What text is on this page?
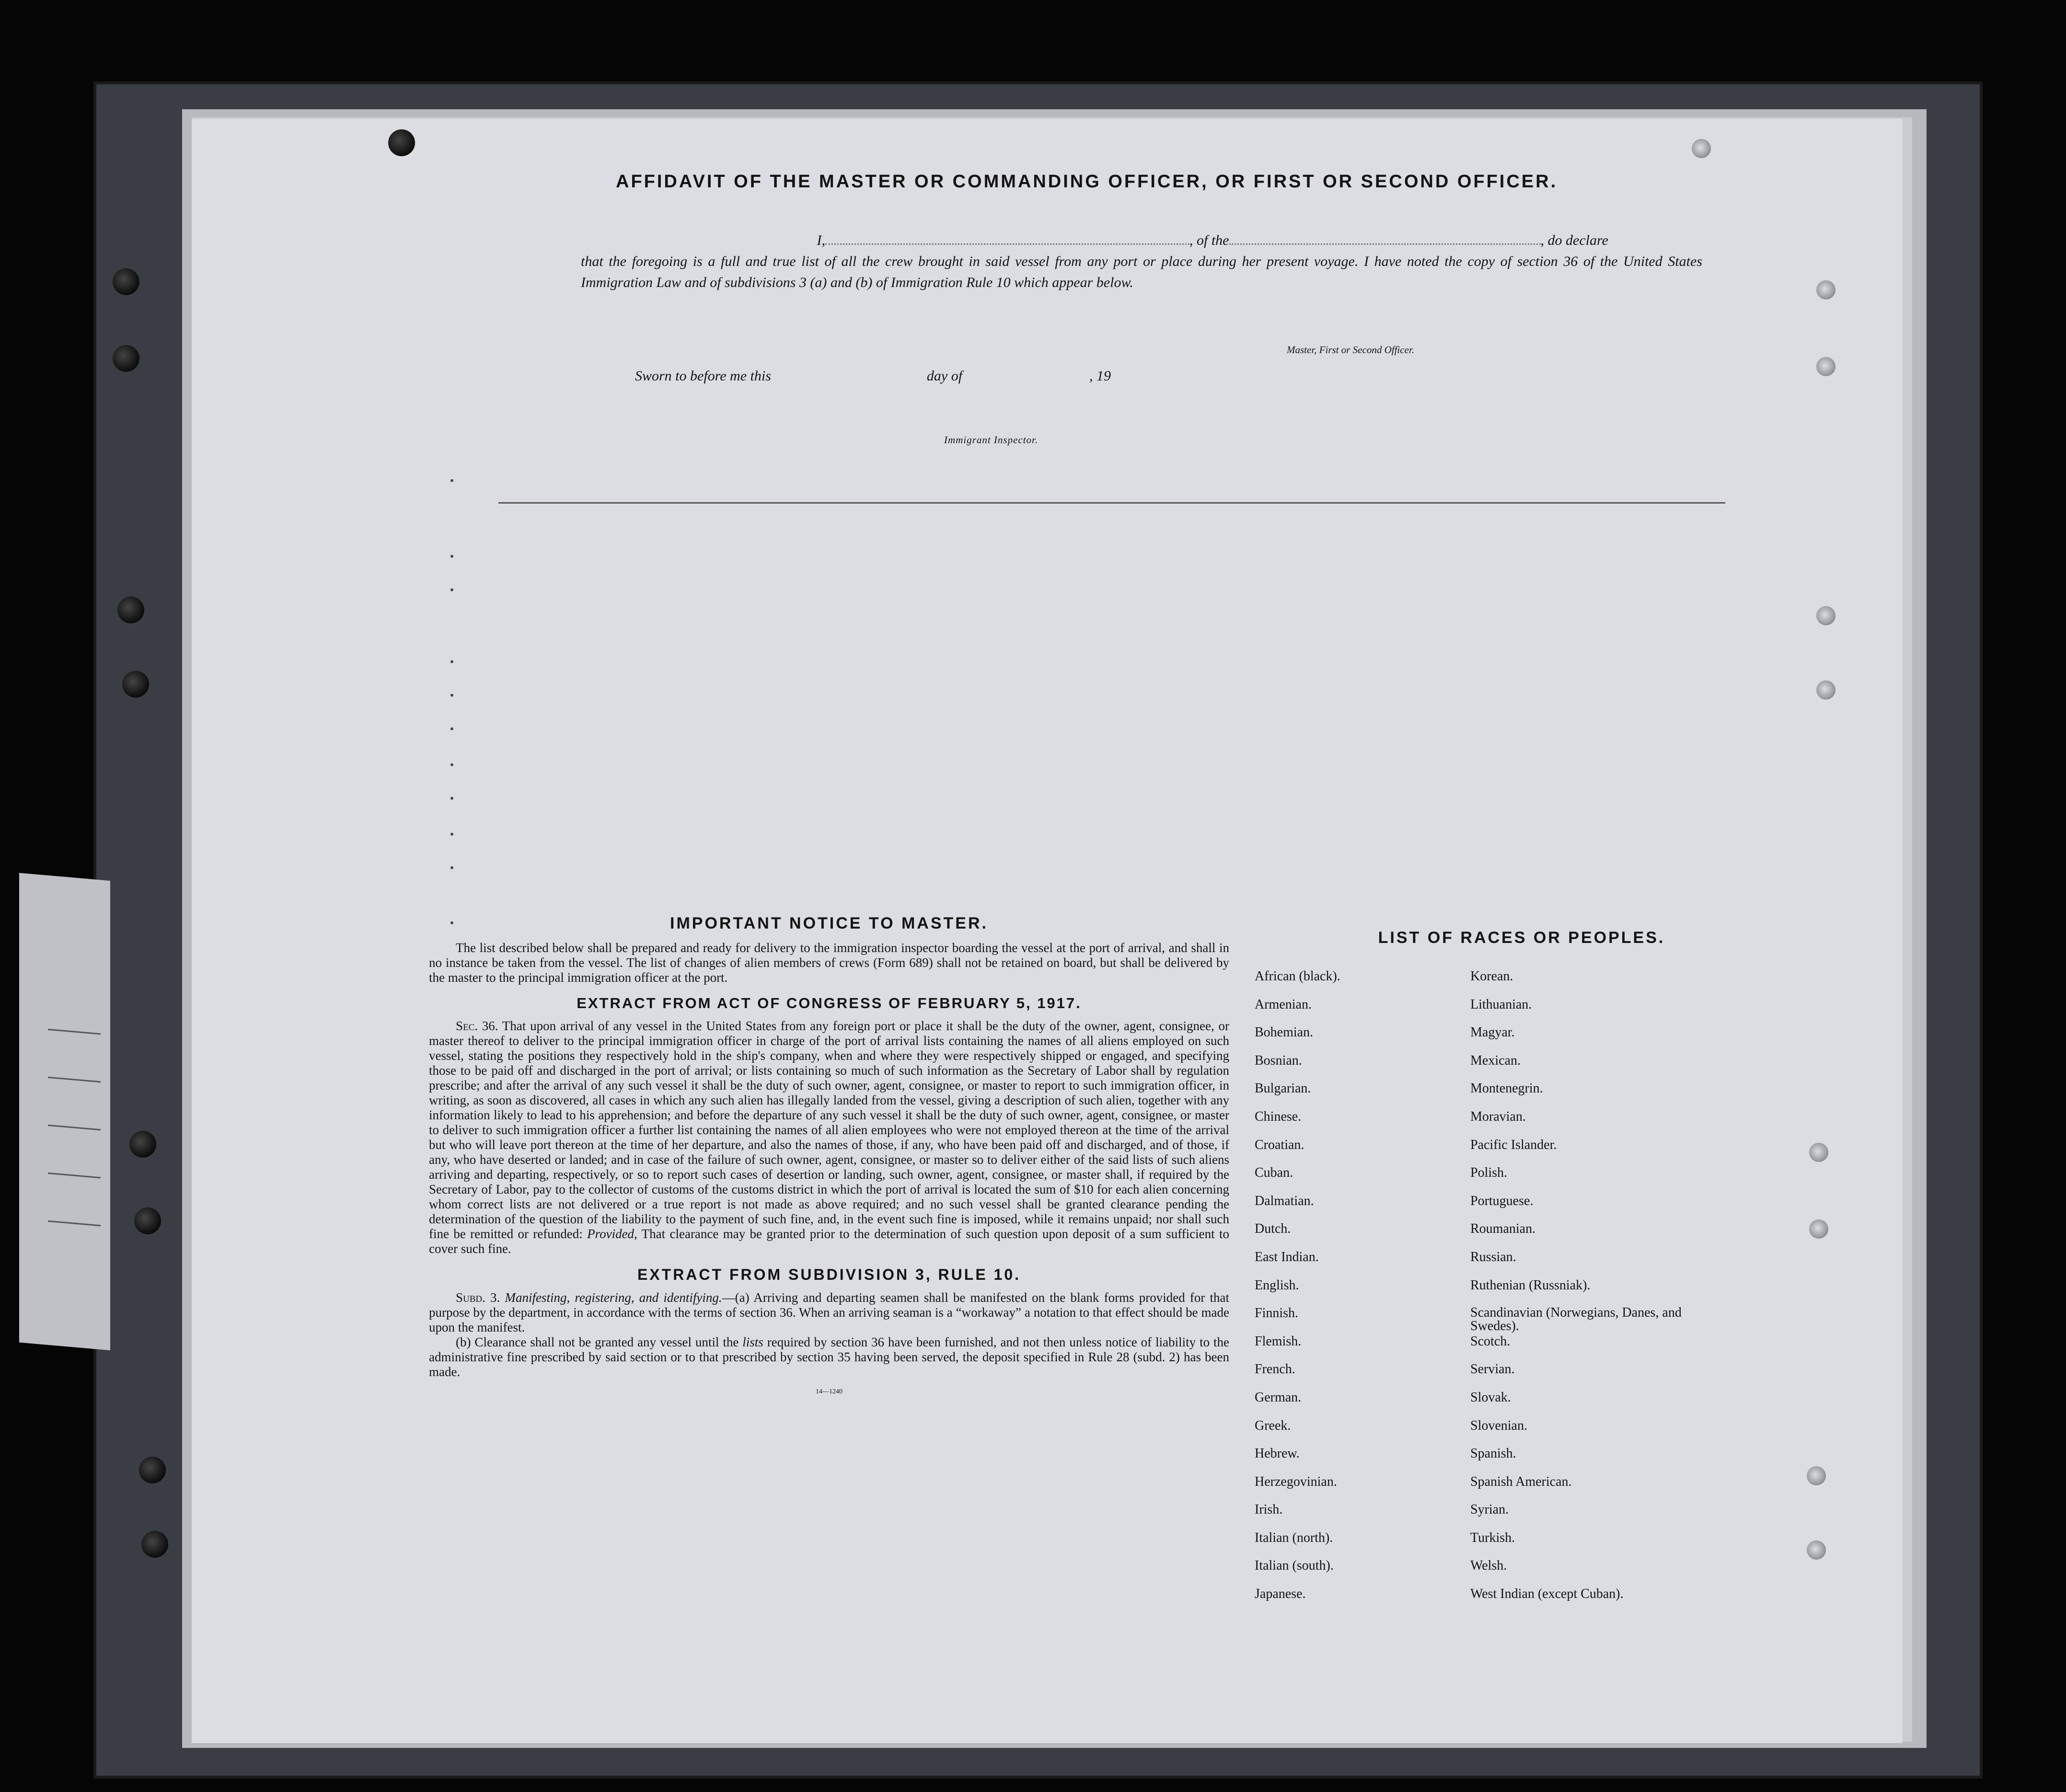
AFFIDAVIT OF THE MASTER OR COMMANDING OFFICER, OR FIRST OR SECOND OFFICER.
I,	, of the	, do declare
that the foregoing is a full and true list of all the crew brought in said vessel from any port or place during her present voyage. I have noted the copy of section 36 of the United States Immigration Law and of subdivisions 3 (a) and (b) of Immigration Rule 10 which appear below.
Master, First or Second Officer.
Sworn to before me this	day of	, 19
Immigrant Inspector.
IMPORTANT NOTICE TO MASTER.

The list described below shall be prepared and ready for delivery to the immigration inspector boarding the vessel at the port of arrival, and shall in no instance be taken from the vessel. The list of changes of alien members of crews (Form 689) shall not be retained on board, but shall be delivered by the master to the principal immigration officer at the port.

EXTRACT FROM ACT OF CONGRESS OF FEBRUARY 5, 1917.

Sec. 36. That upon arrival of any vessel in the United States from any foreign port or place it shall be the duty of the owner, agent, consignee, or master thereof to deliver to the principal immigration officer in charge of the port of arrival lists containing the names of all aliens employed on such vessel, stating the positions they respectively hold in the ship's company, when and where they were respectively shipped or engaged, and specifying those to be paid off and discharged in the port of arrival; or lists containing so much of such information as the Secretary of Labor shall by regulation prescribe; and after the arrival of any such vessel it shall be the duty of such owner, agent, consignee, or master to report to such immigration officer, in writing, as soon as discovered, all cases in which any such alien has illegally landed from the vessel, giving a description of such alien, together with any information likely to lead to his apprehension; and before the departure of any such vessel it shall be the duty of such owner, agent, consignee, or master to deliver to such immigration officer a further list containing the names of all alien employees who were not employed thereon at the time of the arrival but who will leave port thereon at the time of her departure, and also the names of those, if any, who have been paid off and discharged, and of those, if any, who have deserted or landed; and in case of the failure of such owner, agent, consignee, or master so to deliver either of the said lists of such aliens arriving and departing, respectively, or so to report such cases of desertion or landing, such owner, agent, consignee, or master shall, if required by the Secretary of Labor, pay to the collector of customs of the customs district in which the port of arrival is located the sum of $10 for each alien concerning whom correct lists are not delivered or a true report is not made as above required; and no such vessel shall be granted clearance pending the determination of the question of the liability to the payment of such fine, and, in the event such fine is imposed, while it remains unpaid; nor shall such fine be remitted or refunded: Provided, That clearance may be granted prior to the determination of such question upon deposit of a sum sufficient to cover such fine.

EXTRACT FROM SUBDIVISION 3, RULE 10.

Subd. 3. Manifesting, registering, and identifying.—(a) Arriving and departing seamen shall be manifested on the blank forms provided for that purpose by the department, in accordance with the terms of section 36. When an arriving seaman is a “workaway” a notation to that effect should be made upon the manifest.

(b) Clearance shall not be granted any vessel until the lists required by section 36 have been furnished, and not then unless notice of liability to the administrative fine prescribed by said section or to that prescribed by section 35 having been served, the deposit specified in Rule 28 (subd. 2) has been made.

14—1240
LIST OF RACES OR PEOPLES.
African (black).
Armenian.
Bohemian.
Bosnian.
Bulgarian.
Chinese.
Croatian.
Cuban.
Dalmatian.
Dutch.
East Indian.
English.
Finnish.
Flemish.
French.
German.
Greek.
Hebrew.
Herzegovinian.
Irish.
Italian (north).
Italian (south).
Japanese.
Korean.
Lithuanian.
Magyar.
Mexican.
Montenegrin.
Moravian.
Pacific Islander.
Polish.
Portuguese.
Roumanian.
Russian.
Ruthenian (Russniak).
Scandinavian (Norwegians, Danes, and Swedes).
Scotch.
Servian.
Slovak.
Slovenian.
Spanish.
Spanish American.
Syrian.
Turkish.
Welsh.
West Indian (except Cuban).
